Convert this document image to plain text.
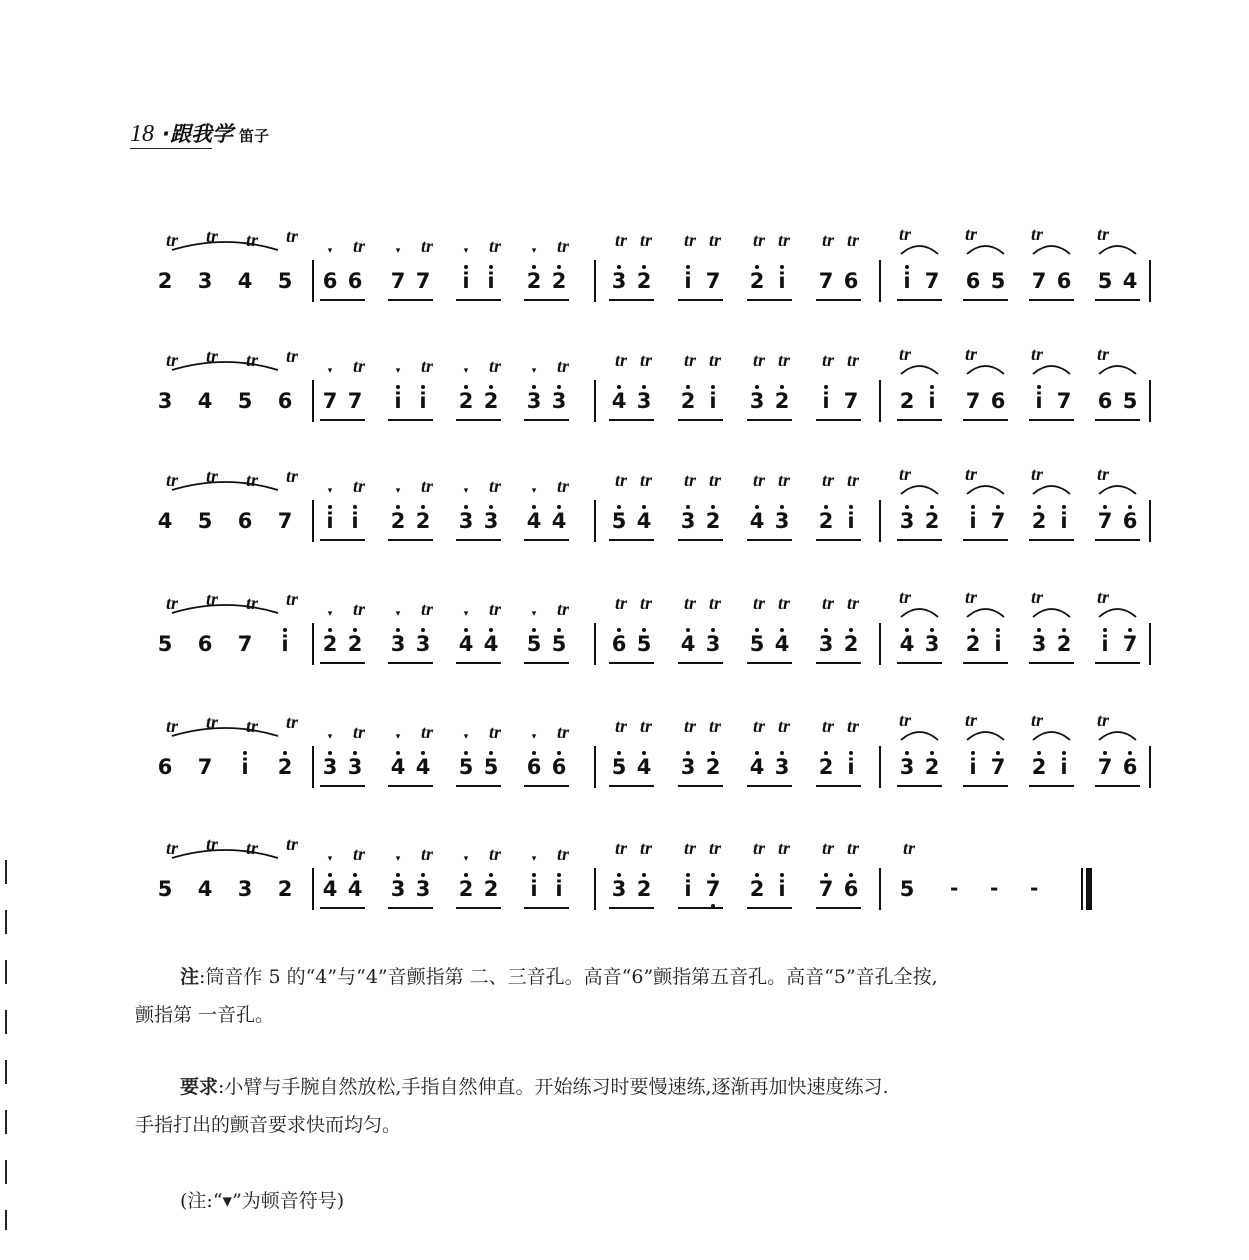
18 ·跟我学 笛子
2
tr
3
tr
4
tr
5
tr
6 6 7 7	i i	2 2
▾	tr	▾	tr	▾	tr	▾	tr
3
tr
2
tr
i
tr
7
tr
2
tr
i
tr
7
tr
6
tr
i 7 6 5 7 6 5 4
tr	tr	tr	tr
3
tr
4
tr
5
tr
6
tr
7 7	i i	2 2 3 3
▾	tr	▾	tr	▾	tr	▾	tr
4
tr
3
tr
2
tr
i
tr
3
tr
2
tr
i
tr
7
tr
2 i	7 6	i 7 6 5
tr	tr	tr	tr
4
tr
5
tr
6
tr
7
tr
i i	2 2 3 3 4 4
▾	tr	▾	tr	▾	tr	▾	tr
5
tr
4
tr
3
tr
2
tr
4
tr
3
tr
2
tr
i
tr
3 2	i 7 2 i	7 6
tr	tr	tr	tr
5
tr
6
tr
7
tr
i
tr
2 2 3 3 4 4 5 5
▾	tr	▾	tr	▾	tr	▾	tr
6
tr
5
tr
4
tr
3
tr
5
tr
4
tr
3
tr
2
tr
4 3 2 i	3 2	i 7
tr	tr	tr	tr
6
tr
7
tr
i
tr
2
tr
3 3 4 4 5 5 6 6
▾	tr	▾	tr	▾	tr	▾	tr
5
tr
4
tr
3
tr
2
tr
4
tr
3
tr
2
tr
i
tr
3 2	i 7 2 i	7 6
tr	tr	tr	tr
5
tr
4
tr
3
tr
2
tr
4 4 3 3 2 2	i i
▾	tr	▾	tr	▾	tr	▾	tr
3
tr
2
tr
i
tr
7
tr
2
tr
i
tr
7
tr
6
tr
5
tr
- - -
注:筒音作 5 的“4”与“4”音颤指第 二、三音孔。高音“6”颤指第五音孔。高音“5”音孔全按,
颤指第 一音孔。
要求:小臂与手腕自然放松,手指自然伸直。开始练习时要慢速练,逐渐再加快速度练习.
手指打出的颤音要求快而均匀。
(注:“▾”为顿音符号)
